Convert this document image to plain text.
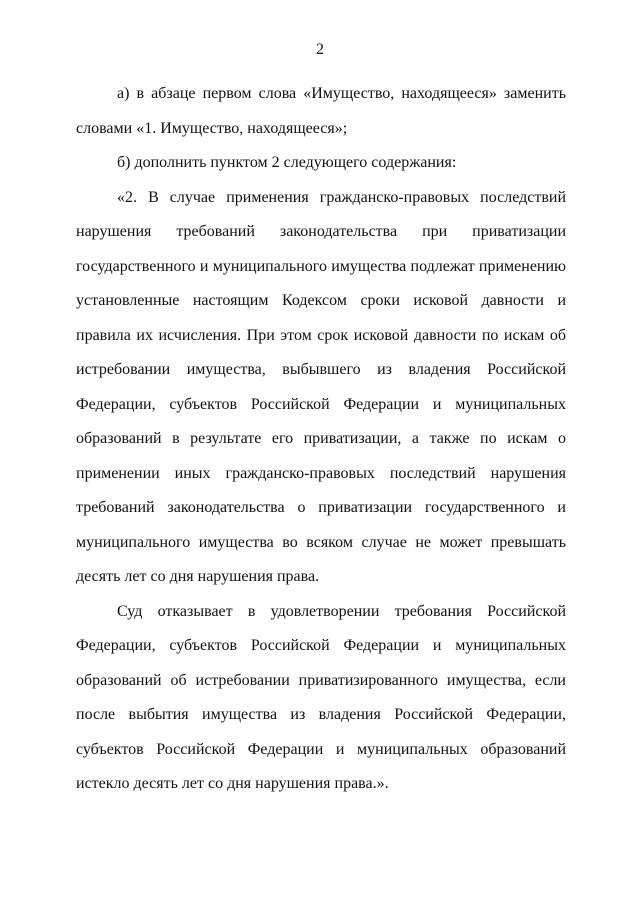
2

а) в абзаце первом слова «Имущество, находящееся» заменить словами «1. Имущество, находящееся»;

б) дополнить пунктом 2 следующего содержания:

«2. В случае применения гражданско-правовых последствий нарушения требований законодательства при приватизации государственного и муниципального имущества подлежат применению установленные настоящим Кодексом сроки исковой давности и правила их исчисления. При этом срок исковой давности по искам об истребовании имущества, выбывшего из владения Российской Федерации, субъектов Российской Федерации и муниципальных образований в результате его приватизации, а также по искам о применении иных гражданско-правовых последствий нарушения требований законодательства о приватизации государственного и муниципального имущества во всяком случае не может превышать десять лет со дня нарушения права.

Суд отказывает в удовлетворении требования Российской Федерации, субъектов Российской Федерации и муниципальных образований об истребовании приватизированного имущества, если после выбытия имущества из владения Российской Федерации, субъектов Российской Федерации и муниципальных образований истекло десять лет со дня нарушения права.».
